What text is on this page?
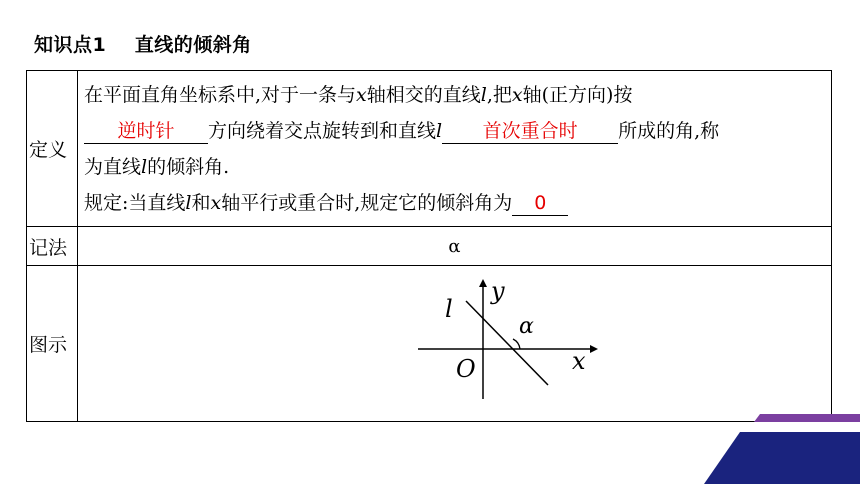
知识点1 直线的倾斜角
定义	在平面直角坐标系中,对于一条与x轴相交的直线l,把x轴(正方向)按
逆时针 方向绕着交点旋转到和直线l 首次重合时 所成的角,称
为直线l的倾斜角.
规定:当直线l和x轴平行或重合时,规定它的倾斜角为 0

记法	α
图示	l
y
x
O
α
